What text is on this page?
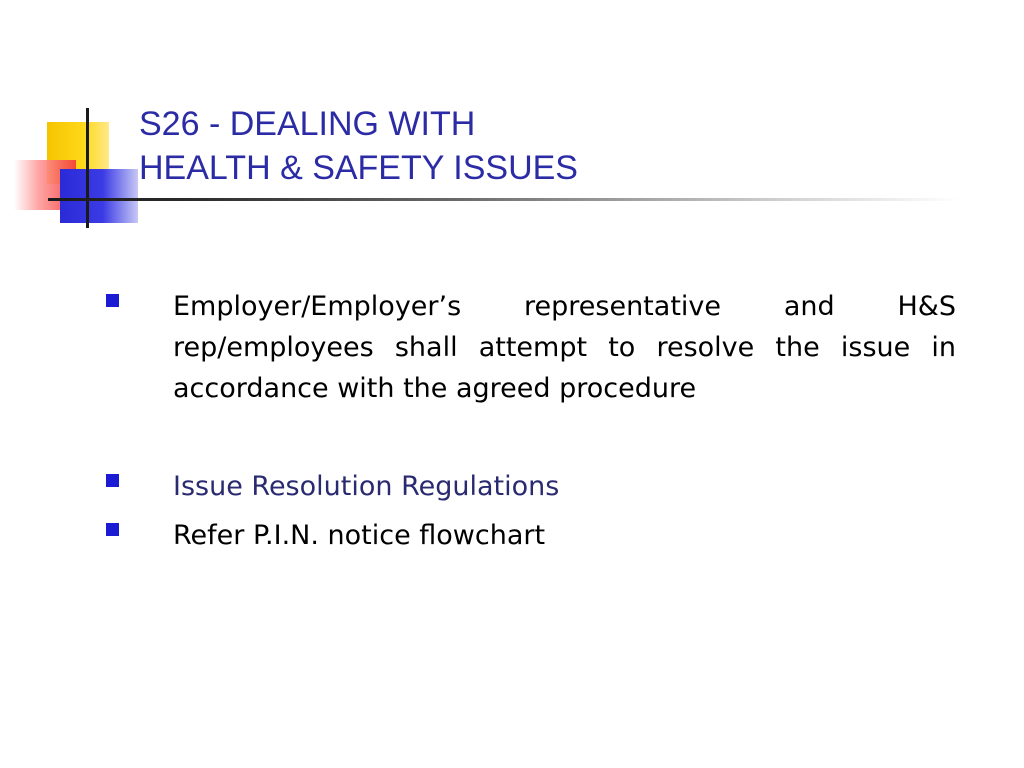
S26 - DEALING WITH
HEALTH & SAFETY ISSUES
Employer/Employer’s representative and H&S rep/employees shall attempt to resolve the issue in accordance with the agreed procedure
Issue Resolution Regulations
Refer P.I.N. notice flowchart
